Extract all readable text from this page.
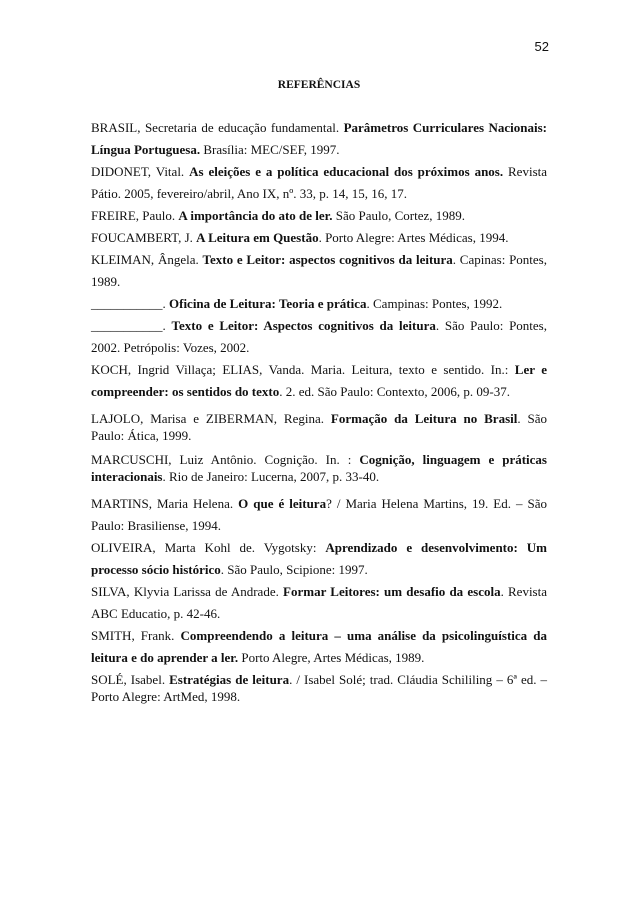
52
REFERÊNCIAS

BRASIL, Secretaria de educação fundamental. Parâmetros Curriculares Nacionais: Língua Portuguesa. Brasília: MEC/SEF, 1997.

DIDONET, Vital. As eleições e a política educacional dos próximos anos. Revista Pátio. 2005, fevereiro/abril, Ano IX, nº. 33, p. 14, 15, 16, 17.

FREIRE, Paulo. A importância do ato de ler. São Paulo, Cortez, 1989.

FOUCAMBERT, J. A Leitura em Questão. Porto Alegre: Artes Médicas, 1994.

KLEIMAN, Ângela. Texto e Leitor: aspectos cognitivos da leitura. Capinas: Pontes, 1989.

___________. Oficina de Leitura: Teoria e prática. Campinas: Pontes, 1992.

___________. Texto e Leitor: Aspectos cognitivos da leitura. São Paulo: Pontes, 2002. Petrópolis: Vozes, 2002.

KOCH, Ingrid Villaça; ELIAS, Vanda. Maria. Leitura, texto e sentido. In.: Ler e compreender: os sentidos do texto. 2. ed. São Paulo: Contexto, 2006, p. 09-37.

LAJOLO, Marisa e ZIBERMAN, Regina. Formação da Leitura no Brasil. São Paulo: Ática, 1999.

MARCUSCHI, Luiz Antônio. Cognição. In. : Cognição, linguagem e práticas interacionais. Rio de Janeiro: Lucerna, 2007, p. 33-40.

MARTINS, Maria Helena. O que é leitura? / Maria Helena Martins, 19. Ed. – São Paulo: Brasiliense, 1994.

OLIVEIRA, Marta Kohl de. Vygotsky: Aprendizado e desenvolvimento: Um processo sócio histórico. São Paulo, Scipione: 1997.

SILVA, Klyvia Larissa de Andrade. Formar Leitores: um desafio da escola. Revista ABC Educatio, p. 42-46.

SMITH, Frank. Compreendendo a leitura – uma análise da psicolinguística da leitura e do aprender a ler. Porto Alegre, Artes Médicas, 1989.

SOLÉ, Isabel. Estratégias de leitura. / Isabel Solé; trad. Cláudia Schililing – 6ª ed. – Porto Alegre: ArtMed, 1998.
